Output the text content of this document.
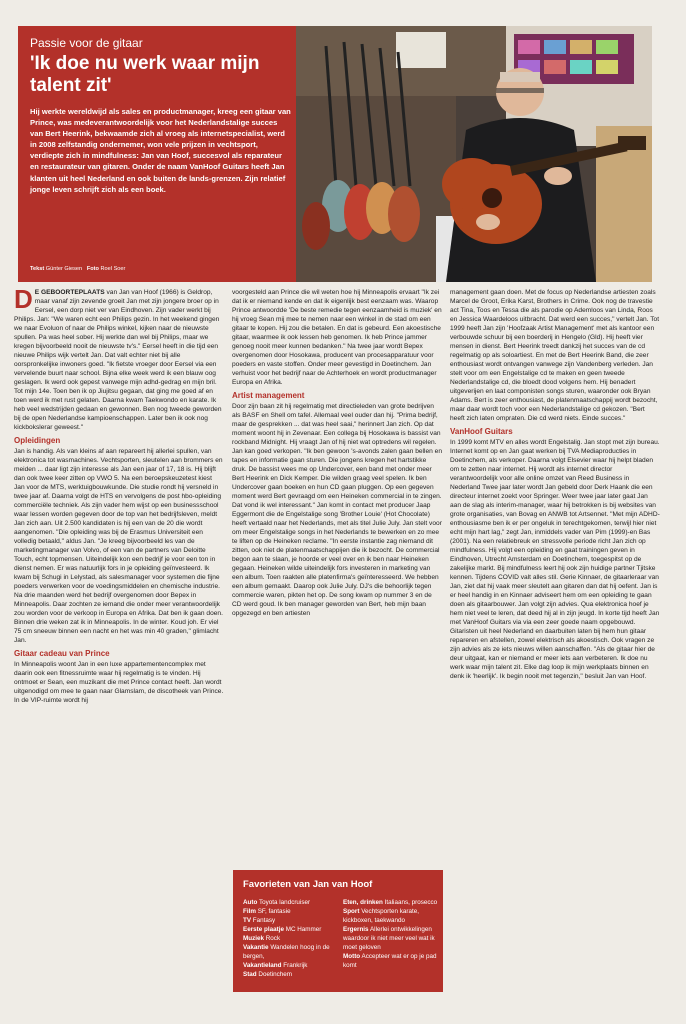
Passie voor de gitaar
'Ik doe nu werk waar mijn talent zit'
Hij werkte wereldwijd als sales en productmanager, kreeg een gitaar van Prince, was medeverantwoordelijk voor het Nederlandstalige succes van Bert Heerink, bekwaamde zich al vroeg als internetspecialist, werd in 2008 zelfstandig ondernemer, won vele prijzen in vechtsport, verdiepte zich in mindfulness: Jan van Hoof, succesvol als reparateur en restaurateur van gitaren. Onder de naam VanHoof Guitars heeft Jan klanten uit heel Nederland en ook buiten de lands-grenzen. Zijn relatief jonge leven schrijft zich als een boek.
Tekst Günter Giesen Foto Roel Soer

D E GEBOORTEPLAATS van Jan van Hoof (1966) is Geldrop, maar vanaf zijn zevende groeit Jan met zijn jongere broer op in Eersel, een dorp niet ver van Eindhoven. Zijn vader werkt bij Philips. Jan: "We waren echt een Philips gezin. In het weekend gingen we naar Evoluon of naar de Philips winkel, kijken naar de nieuwste spullen. Pa was heel sober. Hij werkte dan wel bij Philips, maar we kregen bijvoorbeeld nooit de nieuwste tv's." Eersel heeft in die tijd een nieuwe Philips wijk vertelt Jan. Dat valt echter niet bij alle oorspronkelijke inwoners goed. "Ik fietste vroeger door Eersel via een vervelende buurt naar school. Bijna elke week werd ik een blauw oog geslagen. Ik werd ook gepest vanwege mijn adhd-gedrag en mijn bril. Tot mijn 14e. Toen ben ik op Jiujitsu gegaan, dat ging me goed af en toen werd ik met rust gelaten. Daarna kwam Taekwondo en karate. Ik heb veel wedstrijden gedaan en gewonnen. Ben nog tweede geworden bij de open Nederlandse kampioenschappen. Later ben ik ook nog kickbokslerar geweest."

Opleidingen

Jan is handig. Als van kleins af aan repareert hij allerlei spullen, van elektronica tot wasmachines. Vechtsporten, sleutelen aan brommers en meiden ... daar ligt zijn interesse als Jan een jaar of 17, 18 is. Hij blijft dan ook twee keer zitten op VWO 5. Na een beroepskeuzetest kiest Jan voor de MTS, werktuigbouwkunde. Die studie rondt hij versneld in twee jaar af. Daarna volgt de HTS en vervolgens de post hbo-opleiding commerciële techniek. Als zijn vader hem wijst op een businessschool waar lessen worden gegeven door de top van het bedrijfsleven, meldt Jan zich aan. Uit 2.500 kandidaten is hij een van de 20 die wordt aangenomen. "Die opleiding was bij de Erasmus Universiteit een volledig betaald," aldus Jan. "Je kreeg bijvoorbeeld les van de marketingmanager van Volvo, of een van de partners van Deloitte Touch, echt topmensen. Uiteindelijk kon een bedrijf je voor een ton in dienst nemen. Er was natuurlijk fors in je opleiding geïnvesteerd. Ik kwam bij Schugi in Lelystad, als salesmanager voor systemen die fijne poeders verwerken voor de voedingsmiddelen en chemische industrie. Na drie maanden werd het bedrijf overgenomen door Bepex in Minneapolis. Daar zochten ze iemand die onder meer verantwoordelijk zou worden voor de verkoop in Europa en Afrika. Dat ben ik gaan doen. Binnen drie weken zat ik in Minneapolis. In de winter. Koud joh. Er viel 75 cm sneeuw binnen een nacht en het was min 40 graden," glimlacht Jan.

Gitaar cadeau van Prince

In Minneapolis woont Jan in een luxe appartementencomplex met daarin ook een fitnessruimte waar hij regelmatig is te vinden. Hij ontmoet er Sean, een muzikant die met Prince contact heeft. Jan wordt uitgenodigd om mee te gaan naar Glamslam, de discotheek van Prince. In de VIP-ruimte wordt hij

voorgesteld aan Prince die wil weten hoe hij Minneapolis ervaart "Ik zei dat ik er niemand kende en dat ik eigenlijk best eenzaam was. Waarop Prince antwoordde 'De beste remedie tegen eenzaamheid is muziek' en hij vroeg Sean mij mee te nemen naar een winkel in de stad om een gitaar te kopen. Hij zou die betalen. En dat is gebeurd. Een akoestische gitaar, waarmee ik ook lessen heb genomen. Ik heb Prince jammer genoeg nooit meer kunnen bedanken." Na twee jaar wordt Bepex overgenomen door Hosokawa, producent van procesapparatuur voor poeders en vaste stoffen. Onder meer gevestigd in Doetinchem. Jan verhuist voor het bedrijf naar de Achterhoek en wordt productmanager Europa en Afrika.

Artist management

Door zijn baan zit hij regelmatig met directieleden van grote bedrijven als BASF en Shell om tafel. Allemaal veel ouder dan hij. "Prima bedrijf, maar de gesprekken ... dat was heel saai," herinnert Jan zich. Op dat moment woont hij in Zevenaar. Een collega bij Hosokawa is bassist van rockband Midnight. Hij vraagt Jan of hij niet wat optredens wil regelen. Jan kan goed verkopen. "Ik ben gewoon 's-avonds zalen gaan bellen en tapes en informatie gaan sturen. Die jongens kregen het hartstikke druk. De bassist wees me op Undercover, een band met onder meer Bert Heerink en Dick Kemper. Die wilden graag veel spelen. Ik ben Undercover gaan boeken en hun CD gaan pluggen. Op een gegeven moment werd Bert gevraagd om een Heineken commercial in te zingen. Dat vond ik wel interessant." Jan komt in contact met producer Jaap Eggermont die de Engelstalige song 'Brother Louie' (Hot Chocolate) heeft vertaald naar het Nederlands, met als titel Julie July. Jan stelt voor om meer Engelstalige songs in het Nederlands te bewerken en zo mee te liften op de Heineken reclame. "In eerste instantie zag niemand dit zitten, ook niet de platenmaatschappijen die ik bezocht. De commercial begon aan te slaan, je hoorde er veel over en ik ben naar Heineken gegaan. Heineken wilde uiteindelijk fors investeren in marketing van een album. Toen raakten alle platenfirma's geïnteresseerd. We hebben een album gemaakt. Daarop ook Julie July. DJ's die behoorlijk tegen commercie waren, pikten het op. De song kwam op nummer 3 en de CD werd goud. Ik ben manager geworden van Bert, heb mijn baan opgezegd en ben artiesten

management gaan doen. Met de focus op Nederlandse artiesten zoals Marcel de Groot, Erika Karst, Brothers in Crime. Ook nog de travestie act Tina, Toos en Tessa die als parodie op Ademloos van Linda, Roos en Jessica Waardeloos uitbracht. Dat werd een succes," vertelt Jan. Tot 1999 heeft Jan zijn 'Hoofzaak Artist Management' met als kantoor een verbouwde schuur bij een boerderij in Hengelo (Gld). Hij heeft vier mensen in dienst. Bert Heerink treedt dankzij het succes van de cd regelmatig op als soloartiest. En met de Bert Heerink Band, die zeer enthousiast wordt ontvangen vanwege zijn Vandenberg verleden. Jan stelt voor om een Engelstalige cd te maken en geen tweede Nederlandstalige cd, die bloedt dood volgens hem. Hij benadert uitgeverijen en laat componisten songs sturen, waaronder ook Bryan Adams. Bert is zeer enthousiast, de platenmaatschappij wordt bezocht, maar daar wordt toch voor een Nederlandstalige cd gekozen. "Bert heeft zich laten ompraten. Die cd werd niets. Einde succes."

VanHoof Guitars

In 1999 komt MTV en alles wordt Engelstalig. Jan stopt met zijn bureau. Internet komt op en Jan gaat werken bij TVA Mediaproducties in Doetinchem, als verkoper. Daarna volgt Elsevier waar hij helpt bladen om te zetten naar internet. Hij wordt als internet director verantwoordelijk voor alle online omzet van Reed Business in Nederland Twee jaar later wordt Jan gebeld door Derk Haank die een directeur internet zoekt voor Springer. Weer twee jaar later gaat Jan aan de slag als interim-manager, waar hij betrokken is bij websites van grote organisaties, van Bovag en ANWB tot Artsennet. "Met mijn ADHD-enthousiasme ben ik er per ongeluk in terechtgekomen, terwijl hier niet echt mijn hart lag," zegt Jan, inmiddels vader van Pim (1999)-en Bas (2001). Na een relatiebreuk en stressvolle periode richt Jan zich op mindfulness. Hij volgt een opleiding en gaat trainingen geven in Eindhoven, Utrecht Amsterdam en Doetinchem, toegespitst op de zakelijke markt. Bij mindfulness leert hij ook zijn huidige partner Tjitske kennen. Tijdens COVID valt alles stil. Gerie Kinnaer, de gitaarleraar van Jan, ziet dat hij vaak meer sleutelt aan gitaren dan dat hij oefent. Jan is er heel handig in en Kinnaer adviseert hem om een opleiding te gaan doen als gitaarbouwer. Jan volgt zijn advies. Qua elektronica hoef je hem niet veel te leren, dat deed hij al in zijn jeugd. In korte tijd heeft Jan met VanHoof Guitars via via een zeer goede naam opgebouwd. Gitaristen uit heel Nederland en daarbuiten laten bij hem hun gitaar repareren en afstellen, zowel elektrisch als akoestisch. Ook vragen ze zijn advies als ze iets nieuws willen aanschaffen. "Als de gitaar hier de deur uitgaat, kan er niemand er meer iets aan verbeteren. Ik doe nu werk waar mijn talent zit. Elke dag loop ik mijn werkplaats binnen en denk ik 'heerlijk'. Ik begin nooit met tegenzin," besluit Jan van Hoof.

Favorieten van Jan van Hoof
Auto Toyota landcruiser
Film SF, fantasie
TV Fantasy
Eerste plaatje MC Hammer
Muziek Rock
Vakantie Wandelen hoog in de bergen,
Vakantieland Frankrijk
Stad Doetinchem
Eten, drinken Italiaans, prosecco
Sport Vechtsporten karate, kickboxen, taekwando
Ergernis Allerlei ontwikkelingen waardoor ik niet meer veel wat ik moet geloven
Motto Accepteer wat er op je pad komt
